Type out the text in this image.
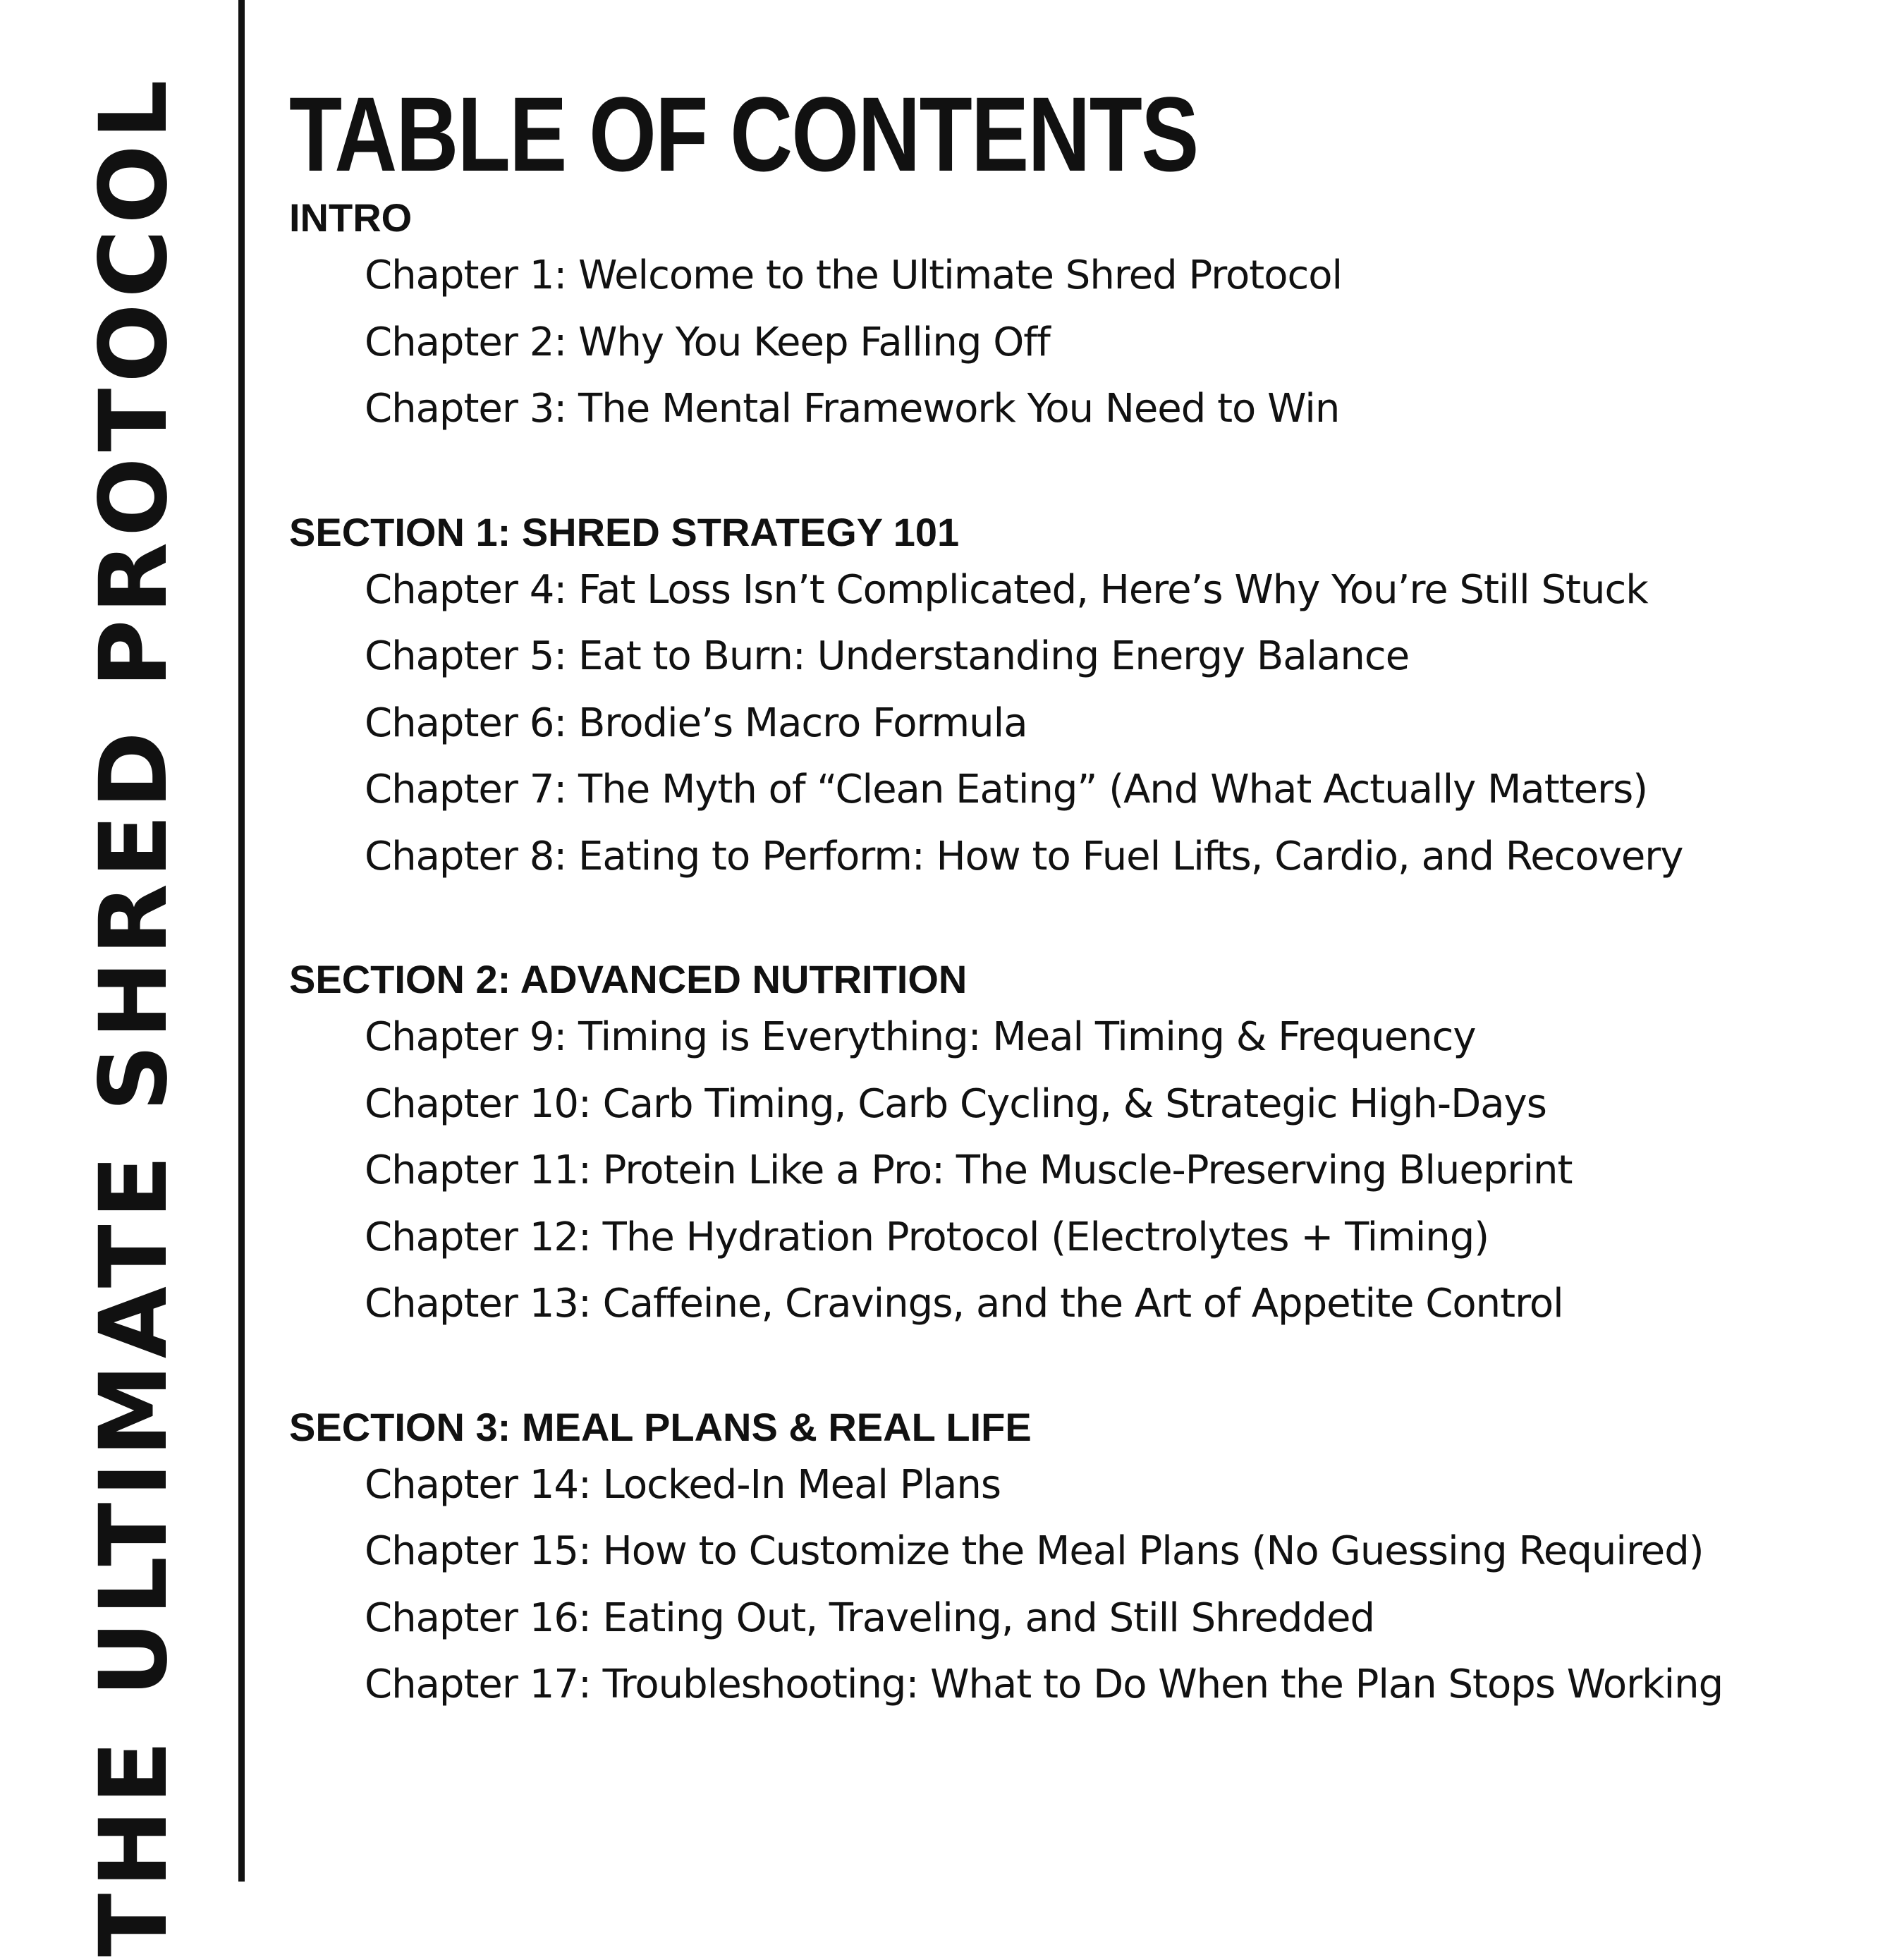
THE ULTIMATE SHRED PROTOCOL TABLE OF CONTENTS
INTRO
Chapter 1: Welcome to the Ultimate Shred Protocol
Chapter 2: Why You Keep Falling Off
Chapter 3: The Mental Framework You Need to Win
SECTION 1: SHRED STRATEGY 101
Chapter 4: Fat Loss Isn’t Complicated, Here’s Why You’re Still Stuck
Chapter 5: Eat to Burn: Understanding Energy Balance
Chapter 6: Brodie’s Macro Formula
Chapter 7: The Myth of “Clean Eating” (And What Actually Matters)
Chapter 8: Eating to Perform: How to Fuel Lifts, Cardio, and Recovery
SECTION 2: ADVANCED NUTRITION
Chapter 9: Timing is Everything: Meal Timing & Frequency
Chapter 10: Carb Timing, Carb Cycling, & Strategic High-Days
Chapter 11: Protein Like a Pro: The Muscle-Preserving Blueprint
Chapter 12: The Hydration Protocol (Electrolytes + Timing)
Chapter 13: Caffeine, Cravings, and the Art of Appetite Control
SECTION 3: MEAL PLANS & REAL LIFE
Chapter 14: Locked-In Meal Plans
Chapter 15: How to Customize the Meal Plans (No Guessing Required)
Chapter 16: Eating Out, Traveling, and Still Shredded
Chapter 17: Troubleshooting: What to Do When the Plan Stops Working
